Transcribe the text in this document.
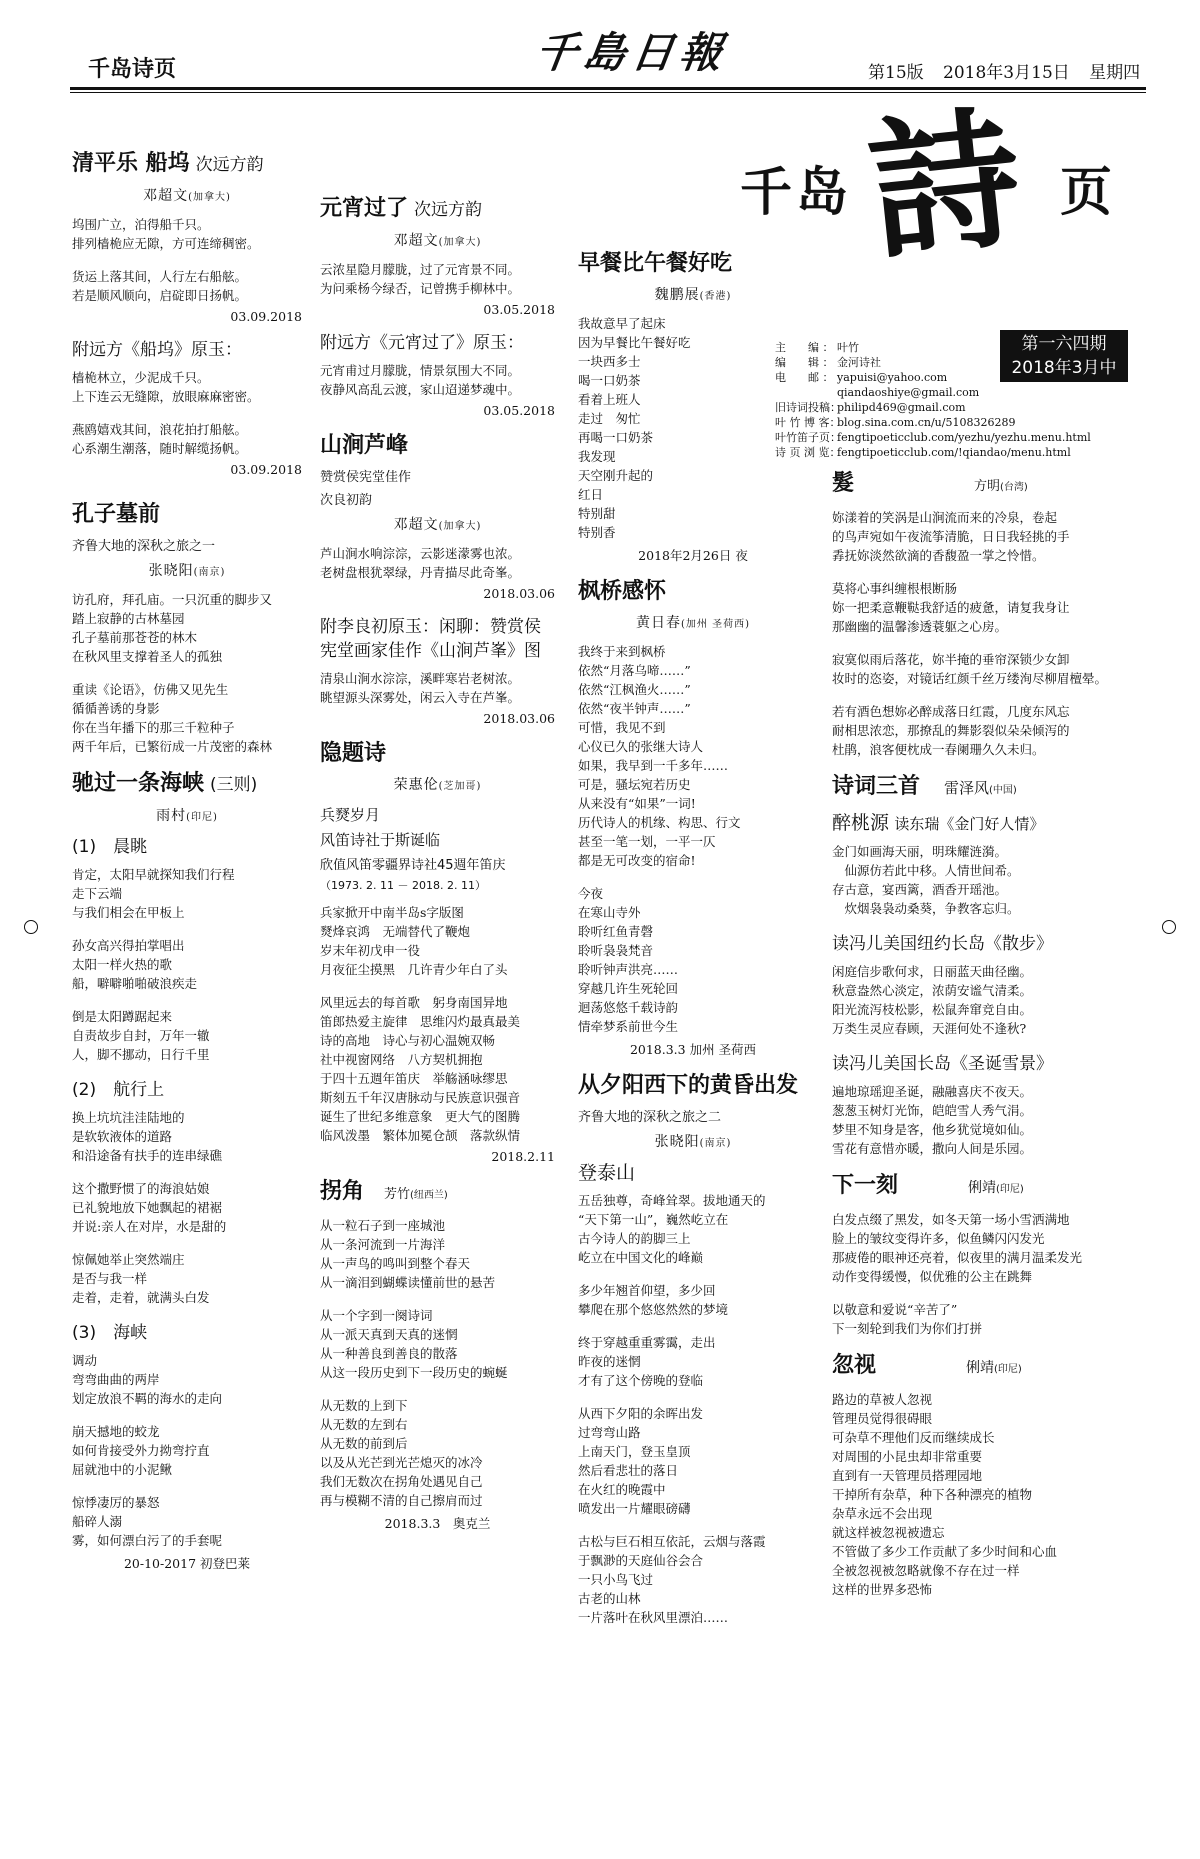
千岛诗页	千島日報	第15版 2018年3月15日 星期四
千岛 詩 页
第一六四期
2018年3月中
主　　编 ： 叶竹
编　　辑 ： 金河诗社
电　　邮 ： yapuisi@yahoo.com
qiandaoshiye@gmail.com
旧诗词投稿：philipd469@gmail.com
叶 竹 博 客：blog.sina.com.cn/u/5108326289
叶竹笛子页：fengtipoeticclub.com/yezhu/yezhu.menu.html
诗 页 浏 览：fengtipoeticclub.com/!qiandao/menu.html
清平乐 船坞 次远方韵
邓超文(加拿大)

坞围广立，泊得船千只。
排列樯桅应无隙，方可连缔稠密。

货运上落其间，人行左右船舷。
若是顺风顺向，启碇即日扬帆。

03.09.2018
附远方《船坞》原玉：

樯桅林立，少泥成千只。
上下连云无缝隙，放眼麻麻密密。

燕鸥嬉戏其间，浪花拍打船舷。
心系潮生潮落，随时解缆扬帆。

03.09.2018
孔子墓前
齐鲁大地的深秋之旅之一
张晓阳(南京)

访孔府，拜孔庙。一只沉重的脚步又
踏上寂静的古林墓园
孔子墓前那苍苍的林木
在秋风里支撑着圣人的孤独

重读《论语》，仿佛又见先生
循循善诱的身影
你在当年播下的那三千粒种子
两千年后，已繁衍成一片茂密的森林

驰过一条海峡 (三则)
雨村(印尼)
(1)　晨眺

肯定，太阳早就探知我们行程
走下云端
与我们相会在甲板上

孙女高兴得拍掌唱出
太阳一样火热的歌
船，噼噼啪啪破浪疾走

倒是太阳蹲踞起来
自责故步自封，万年一辙
人，脚不挪动，日行千里

(2)　航行上

换上坑坑洼洼陆地的
是软软液体的道路
和沿途备有扶手的连串绿礁

这个撒野惯了的海浪姑娘
已礼貌地放下她飘起的裙裾
并说:亲人在对岸，水是甜的

惊佩她举止突然端庄
是否与我一样
走着，走着，就满头白发

(3)　海峡

调动
弯弯曲曲的两岸
划定放浪不羁的海水的走向

崩天撼地的蛟龙
如何肯接受外力拗弯拧直
屈就池中的小泥鳅

惊悸凄厉的暴怒
船碎人溺
雾，如何漂白污了的手套呢

20-10-2017 初登巴莱
元宵过了 次远方韵
邓超文(加拿大)

云浓星隐月朦胧，过了元宵景不同。
为问乘杨今绿否，记曾携手柳林中。

03.05.2018
附远方《元宵过了》原玉：

元宵甫过月朦胧，情景氛围大不同。
夜静风高乱云渡，家山迢递梦魂中。

03.05.2018
山涧芦峰
赞赏侯宪堂佳作
次良初韵
邓超文(加拿大)

芦山涧水响淙淙，云影迷濛雾也浓。
老树盘根犹翠绿，丹青描尽此奇峯。

2018.03.06
附李良初原玉：闲聊：赞赏侯宪堂画家佳作《山涧芦峯》图

清泉山涧水淙淙，溪畔寒岩老树浓。
眺望源头深雾处，闲云入寺在芦峯。

2018.03.06
隐题诗
荣惠伦(芝加哥)
兵燹岁月
风笛诗社于斯诞临
欣值风笛零疆界诗社45週年笛庆
（1973. 2. 11 － 2018. 2. 11）

兵家掀开中南半岛s字版图
燹烽哀鸿　无端替代了鞭炮
岁末年初戊申一役
月夜征尘摸黑　几许青少年白了头

风里远去的每首歌　躬身南国异地
笛郎热爱主旋律　思维闪灼最真最美
诗的高地　诗心与初心温婉双畅
社中视窗网络　八方契机拥抱
于四十五週年笛庆　举觞涵咏缪思
斯刻五千年汉唐脉动与民族意识强音
诞生了世纪多维意象　更大气的图腾
临风泼墨　繁体加冕仓颉　落款纵情

2018.2.11
拐角 芳竹(纽西兰)

从一粒石子到一座城池
从一条河流到一片海洋
从一声鸟的鸣叫到整个春天
从一滴泪到蝴蝶读懂前世的悬苦

从一个字到一阕诗词
从一派天真到天真的迷惘
从一种善良到善良的散落
从这一段历史到下一段历史的蜿蜒

从无数的上到下
从无数的左到右
从无数的前到后
以及从光芒到光芒熄灭的冰冷
我们无数次在拐角处遇见自己
再与模糊不清的自己擦肩而过

2018.3.3　奥克兰
早餐比午餐好吃
魏鹏展(香港)

我故意早了起床
因为早餐比午餐好吃
一块西多士
喝一口奶茶
看着上班人
走过　匆忙
再喝一口奶茶
我发现
天空刚升起的
红日
特别甜
特别香

2018年2月26日 夜
枫桥感怀
黄日春(加州 圣荷西)

我终于来到枫桥
依然“月落乌啼……”
依然“江枫渔火……”
依然“夜半钟声……”
可惜，我见不到
心仪已久的张继大诗人
如果，我早到一千多年……
可是，骚坛宛若历史
从来没有“如果”一词!
历代诗人的机缘、构思、行文
甚至一笔一划，一平一仄
都是无可改变的宿命!

今夜
在寒山寺外
聆听红鱼青磬
聆听袅袅梵音
聆听钟声洪亮……
穿越几许生死轮回
迴荡悠悠千载诗韵
情牵梦系前世今生

2018.3.3 加州 圣荷西
从夕阳西下的黄昏出发
齐鲁大地的深秋之旅之二
张晓阳(南京)
登泰山

五岳独尊，奇峰耸翠。拔地通天的
“天下第一山”，巍然屹立在
古今诗人的韵脚三上
屹立在中国文化的峰巅

多少年翘首仰望，多少回
攀爬在那个悠悠然然的梦境

终于穿越重重雾霭，走出
昨夜的迷惘
才有了这个傍晚的登临

从西下夕阳的余晖出发
过弯弯山路
上南天门，登玉皇顶
然后看悲壮的落日
在火红的晚霞中
喷发出一片耀眼磅礴

古松与巨石相互依託，云烟与落霞
于飘渺的天庭仙谷会合
一只小鸟飞过
古老的山林
一片落叶在秋风里漂泊……

髮	方明(台湾)

妳漾着的笑涡是山涧流而来的冷泉，卷起
的鸟声宛如午夜流筝清脆，日日我轻挑的手
掱抚妳淡然欲滴的香馥盈一掌之怜惜。

莫将心事纠缠根根断肠
妳一把柔意鞭鞑我舒适的疲惫，请复我身让
那幽幽的温馨渗透蓑躯之心房。

寂寞似雨后落花，妳半掩的垂帘深锁少女卸
妆时的恣姿，对镜话红颜千丝万缕洵尽柳眉檀晕。

若有酒色想妳必醉成落日红霞，几度东风忘
耐相思浓恋，那撩乱的舞影裂似朵朵倾泻的
杜鹃，浪客便枕成一春阑珊久久未归。

诗词三首 雷泽风(中国)
醉桃源 读东瑞《金门好人情》

金门如画海天丽，明珠耀涟漪。
　仙源仿若此中移。人情世间希。
存古意，宴西篱，酒香开瑶池。
　炊烟袅袅动桑葵，争教客忘归。

读冯儿美国纽约长岛《散步》

闲庭信步歌何求，日丽蓝天曲径幽。
秋意盎然心淡定，浓荫安谧气清柔。
阳光流泻枝松影，松鼠奔窜竞自由。
万类生灵应春顾，天涯何处不逢秋?

读冯儿美国长岛《圣诞雪景》

遍地琼瑶迎圣诞，融融喜庆不夜天。
葱葱玉树灯光饰，皑皑雪人秀气涓。
梦里不知身是客，他乡犹觉境如仙。
雪花有意惜亦暖，撒向人间是乐园。

下一刻	俐靖(印尼)

白发点缀了黑发，如冬天第一场小雪洒满地
脸上的皱纹变得许多，似鱼鳞闪闪发光
那疲倦的眼神还亮着，似夜里的满月温柔发光
动作变得缓慢，似优雅的公主在跳舞

以敬意和爱说“辛苦了”
下一刻轮到我们为你们打拼

忽视	俐靖(印尼)

路边的草被人忽视
管理员觉得很碍眼
可杂草不理他们反而继续成长
对周围的小昆虫却非常重要
直到有一天管理员搭理园地
干掉所有杂草，种下各种漂亮的植物
杂草永远不会出现
就这样被忽视被遗忘
不管做了多少工作贡献了多少时间和心血
全被忽视被忽略就像不存在过一样
这样的世界多恐怖
